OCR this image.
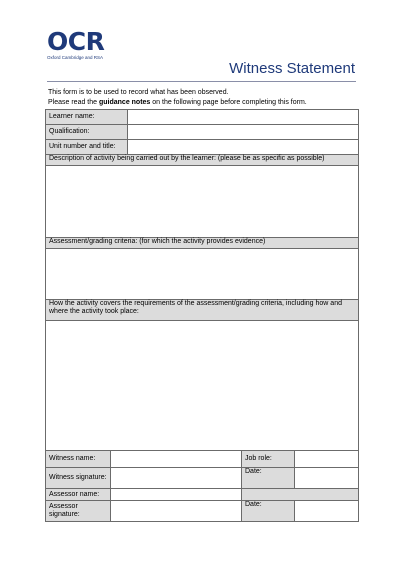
OCR
Oxford Cambridge and RSA
Witness Statement
This form is to be used to record what has been observed.
Please read the guidance notes on the following page before completing this form.
Learner name:				
Qualification:				
Unit number and title:				
Description of activity being carried out by the learner: (please be as specific as possible)				

Assessment/grading criteria: (for which the activity provides evidence)				

How the activity covers the requirements of the assessment/grading criteria, including how and where the activity took place:				

Witness name:			Job role:	
Witness signature:			Date:	
Assessor name:				
Assessor signature:			Date:	
